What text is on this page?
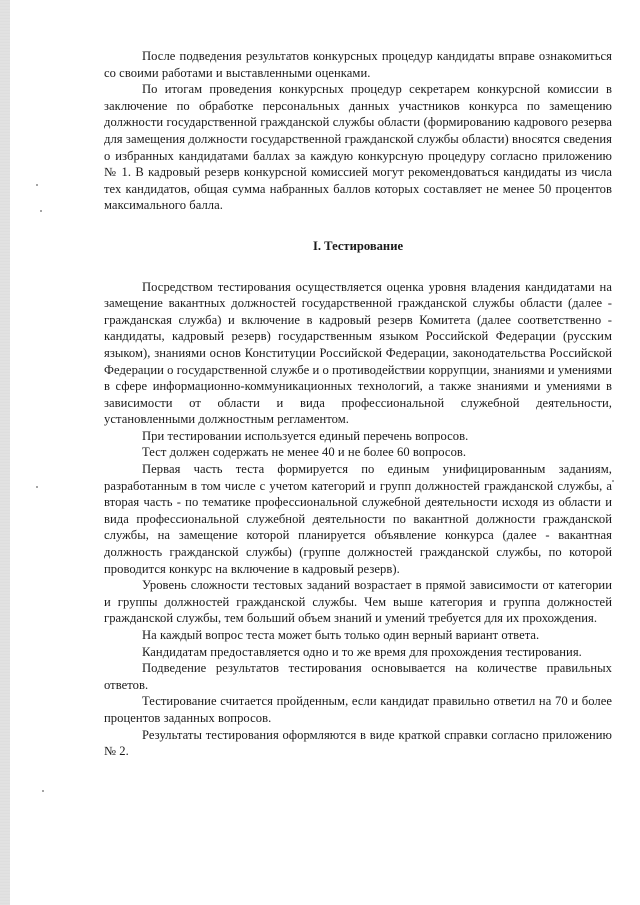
После подведения результатов конкурсных процедур кандидаты вправе ознакомиться со своими работами и выставленными оценками.

По итогам проведения конкурсных процедур секретарем конкурсной комиссии в заключение по обработке персональных данных участников конкурса по замещению должности государственной гражданской службы области (формированию кадрового резерва для замещения должности государственной гражданской службы области) вносятся сведения о избранных кандидатами баллах за каждую конкурсную процедуру согласно приложению № 1. В кадровый резерв конкурсной комиссией могут рекомендоваться кандидаты из числа тех кандидатов, общая сумма набранных баллов которых составляет не менее 50 процентов максимального балла.

I. Тестирование

Посредством тестирования осуществляется оценка уровня владения кандидатами на замещение вакантных должностей государственной гражданской службы области (далее - гражданская служба) и включение в кадровый резерв Комитета (далее соответственно - кандидаты, кадровый резерв) государственным языком Российской Федерации (русским языком), знаниями основ Конституции Российской Федерации, законодательства Российской Федерации о государственной службе и о противодействии коррупции, знаниями и умениями в сфере информационно-коммуникационных технологий, а также знаниями и умениями в зависимости от области и вида профессиональной служебной деятельности, установленными должностным регламентом.

При тестировании используется единый перечень вопросов.

Тест должен содержать не менее 40 и не более 60 вопросов.

Первая часть теста формируется по единым унифицированным заданиям, разработанным в том числе с учетом категорий и групп должностей гражданской службы, а вторая часть - по тематике профессиональной служебной деятельности исходя из области и вида профессиональной служебной деятельности по вакантной должности гражданской службы, на замещение которой планируется объявление конкурса (далее - вакантная должность гражданской службы) (группе должностей гражданской службы, по которой проводится конкурс на включение в кадровый резерв).

Уровень сложности тестовых заданий возрастает в прямой зависимости от категории и группы должностей гражданской службы. Чем выше категория и группа должностей гражданской службы, тем больший объем знаний и умений требуется для их прохождения.

На каждый вопрос теста может быть только один верный вариант ответа.

Кандидатам предоставляется одно и то же время для прохождения тестирования.

Подведение результатов тестирования основывается на количестве правильных ответов.

Тестирование считается пройденным, если кандидат правильно ответил на 70 и более процентов заданных вопросов.

Результаты тестирования оформляются в виде краткой справки согласно приложению № 2.
